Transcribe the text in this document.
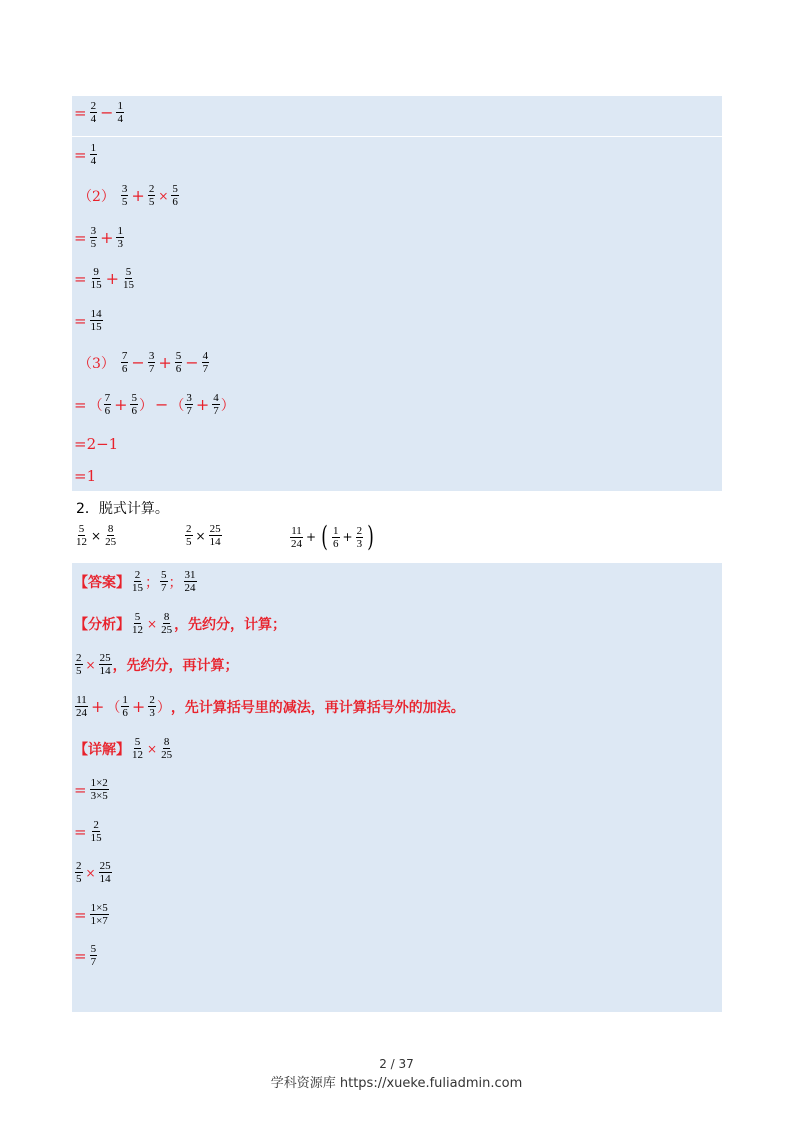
= $\frac{2}{4} - \frac{1}{4}$
= $\frac{1}{4}$
（2） 3
$5 + \frac{2}{5} \times \frac{5}{6}$
= $\frac{3}{5} + \frac{1}{3}$
= $\frac{9}{15} + \frac{5}{15}$
= $\frac{14}{15}$
（3） 7
$6 - \frac{3}{7} + \frac{5}{6} - \frac{4}{7}$
= （ 7
$6 + \frac{5}{6}$ ） − （ 3
$7 + \frac{4}{7}$ ）
=2−1
=1
2．脱式计算。
$\frac{5}{12} \times \frac{8}{25}$	$\frac{2}{5} \times \frac{25}{14}$	11
24 + ( 1
$6 + \frac{2}{3}$ )
【答案】 2
15 ； 5
7 ； 31
24
【分析】 $\frac{5}{12} \times \frac{8}{25}$ ，先约分，计算；
$\frac{2}{5} \times \frac{25}{14}$ ，先约分，再计算；
11
24 + （ 1
$6 + \frac{2}{3}$ ） ，先计算括号里的减法，再计算括号外的加法。
【详解】 $\frac{5}{12} \times \frac{8}{25}$
= $\frac{1\times 2}{3\times 5}$
= $\frac{2}{15}$
$\frac{2}{5} \times \frac{25}{14}$
= $\frac{1\times 5}{1\times 7}$
= $\frac{5}{7}$
2 / 37
学科资源库 https://xueke.fuliadmin.com
